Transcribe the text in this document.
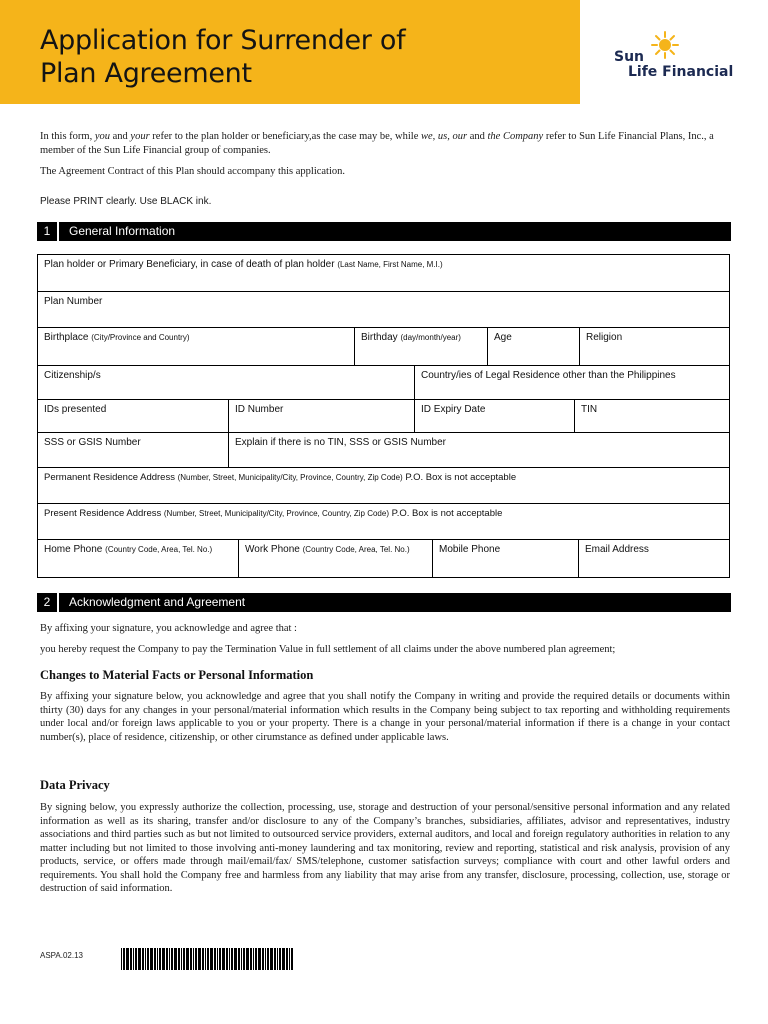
Application for Surrender of
Plan Agreement
Sun
Life Financial
In this form, you and your refer to the plan holder or beneficiary,as the case may be, while we, us, our and the Company refer to Sun Life Financial Plans, Inc., a member of the Sun Life Financial group of companies.
The Agreement Contract of this Plan should accompany this application.
Please PRINT clearly. Use BLACK ink.
1	General Information
Plan holder or Primary Beneficiary, in case of death of plan holder (Last Name, First Name, M.I.)
Plan Number
Birthplace (City/Province and Country)	Birthday (day/month/year)	Age	Religion
Citizenship/s	Country/ies of Legal Residence other than the Philippines
IDs presented	ID Number	ID Expiry Date	TIN
SSS or GSIS Number	Explain if there is no TIN, SSS or GSIS Number
Permanent Residence Address (Number, Street, Municipality/City, Province, Country, Zip Code) P.O. Box is not acceptable
Present Residence Address (Number, Street, Municipality/City, Province, Country, Zip Code) P.O. Box is not acceptable
Home Phone (Country Code, Area, Tel. No.)	Work Phone (Country Code, Area, Tel. No.)	Mobile Phone	Email Address
2	Acknowledgment and Agreement
By affixing your signature, you acknowledge and agree that :
you hereby request the Company to pay the Termination Value in full settlement of all claims under the above numbered plan agreement;
Changes to Material Facts or Personal Information
By affixing your signature below, you acknowledge and agree that you shall notify the Company in writing and provide the required details or documents within thirty (30) days for any changes in your personal/material information which results in the Company being subject to tax reporting and withholding requirements under local and/or foreign laws applicable to you or your property. There is a change in your personal/material information if there is a change in your contact number(s), place of residence, citizenship, or other cirumstance as defined under applicable laws.
Data Privacy
By signing below, you expressly authorize the collection, processing, use, storage and destruction of your personal/sensitive personal information and any related information as well as its sharing, transfer and/or disclosure to any of the Company’s branches, subsidiaries, affiliates, advisor and representatives, industry associations and third parties such as but not limited to outsourced service providers, external auditors, and local and foreign regulatory authorities in relation to any matter including but not limited to those involving anti-money laundering and tax monitoring, review and reporting, statistical and risk analysis, provision of any products, service, or offers made through mail/email/fax/ SMS/telephone, customer satisfaction surveys; compliance with court and other lawful orders and requirements. You shall hold the Company free and harmless from any liability that may arise from any transfer, disclosure, processing, collection, use, storage or destruction of said information.
ASPA.02.13
